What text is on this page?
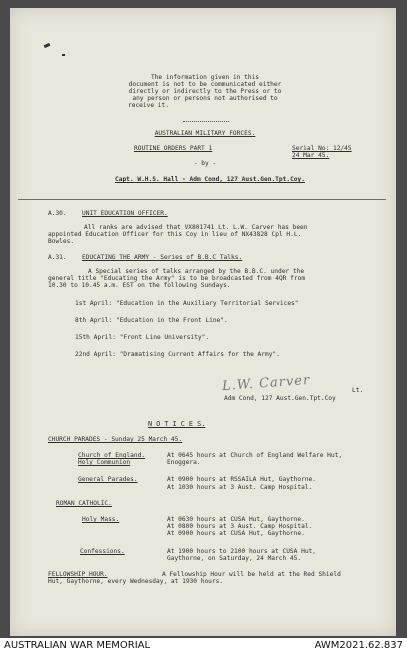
The information given in this
document is not to be communicated either
directly or indirectly to the Press or to
any person or persons not authorised to
receive it.
AUSTRALIAN MILITARY FORCES.
ROUTINE ORDERS PART 1	Serial No: 12/45
24 Mar 45.
- by -
Capt. W.H.S. Hall - Adm Cond, 127 Aust.Gen.Tpt.Coy.
A.30. UNIT EDUCATION OFFICER.
All ranks are advised that VX801741 Lt. L.W. Carver has been
appointed Education Officer for this Coy in lieu of NX43828 Cpl H.L.
Bowles.
A.31. EDUCATING THE ARMY - Series of B.B.C Talks.
A Special series of talks arranged by the B.B.C. under the
general title "Educating the Army" is to be broadcasted from 4QR from
10.30 to 10.45 a.m. EST on the following Sundays.
1st April: "Education in the Auxiliary Territorial Services"
8th April: "Education in the Front Line".
15th April: "Front Line University".
22nd April: "Dramatising Current Affairs for the Army".
L.W. Carver	Lt.
Adm Cond, 127 Aust.Gen.Tpt.Coy
N O T I C E S.
CHURCH PARADES - Sunday 25 March 45.
Church of England.
Holy Communion
At 0645 hours at Church of England Welfare Hut,
Enoggera.
General Parades.	At 0900 hours at RSSAILA Hut, Gaythorne.
At 1030 hours at 3 Aust. Camp Hospital.
ROMAN CATHOLIC.
Holy Mass.	At 0630 hours at CUSA Hut, Gaythorne.
At 0800 hours at 3 Aust. Camp Hospital.
At 0900 hours at CUSA Hut, Gaythorne.
Confessions.	At 1900 hours to 2100 hours at CUSA Hut,
Gaythorne, on Saturday, 24 March 45.
FELLOWSHIP HOUR.	A Fellowship Hour will be held at the Red Shield
Hut, Gaythorne, every Wednesday, at 1930 hours.
AUSTRALIAN WAR MEMORIAL	AWM2021.62.837
